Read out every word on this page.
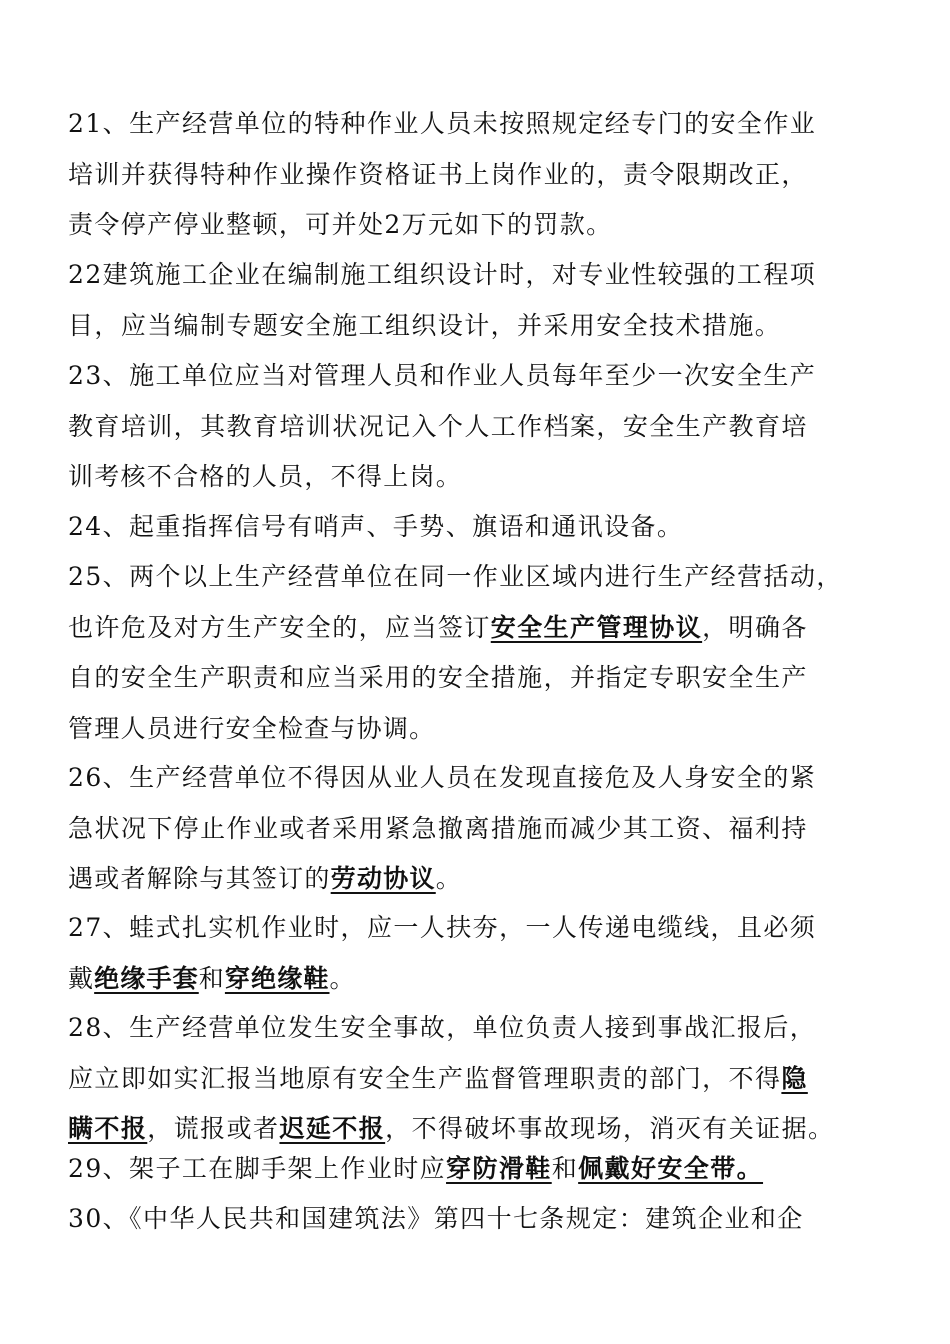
21、生产经营单位的特种作业人员未按照规定经专门的安全作业
培训并获得特种作业操作资格证书上岗作业的，责令限期改正，
责令停产停业整顿，可并处2万元如下的罚款。
22建筑施工企业在编制施工组织设计时，对专业性较强的工程项
目，应当编制专题安全施工组织设计，并采用安全技术措施。
23、施工单位应当对管理人员和作业人员每年至少一次安全生产
教育培训，其教育培训状况记入个人工作档案，安全生产教育培
训考核不合格的人员，不得上岗。
24、起重指挥信号有哨声、手势、旗语和通讯设备。
25、两个以上生产经营单位在同一作业区域内进行生产经营括动，
也许危及对方生产安全的，应当签订安全生产管理协议，明确各
自的安全生产职责和应当采用的安全措施，并指定专职安全生产
管理人员进行安全检查与协调。
26、生产经营单位不得因从业人员在发现直接危及人身安全的紧
急状况下停止作业或者采用紧急撤离措施而减少其工资、福利持
遇或者解除与其签订的劳动协议。
27、蛙式扎实机作业时，应一人扶夯，一人传递电缆线，且必须
戴绝缘手套和穿绝缘鞋。
28、生产经营单位发生安全事故，单位负责人接到事战汇报后，
应立即如实汇报当地原有安全生产监督管理职责的部门，不得隐
瞒不报，谎报或者迟延不报，不得破坏事故现场，消灭有关证据。
29、架子工在脚手架上作业时应穿防滑鞋和佩戴好安全带。
30、《中华人民共和国建筑法》第四十七条规定：建筑企业和企
